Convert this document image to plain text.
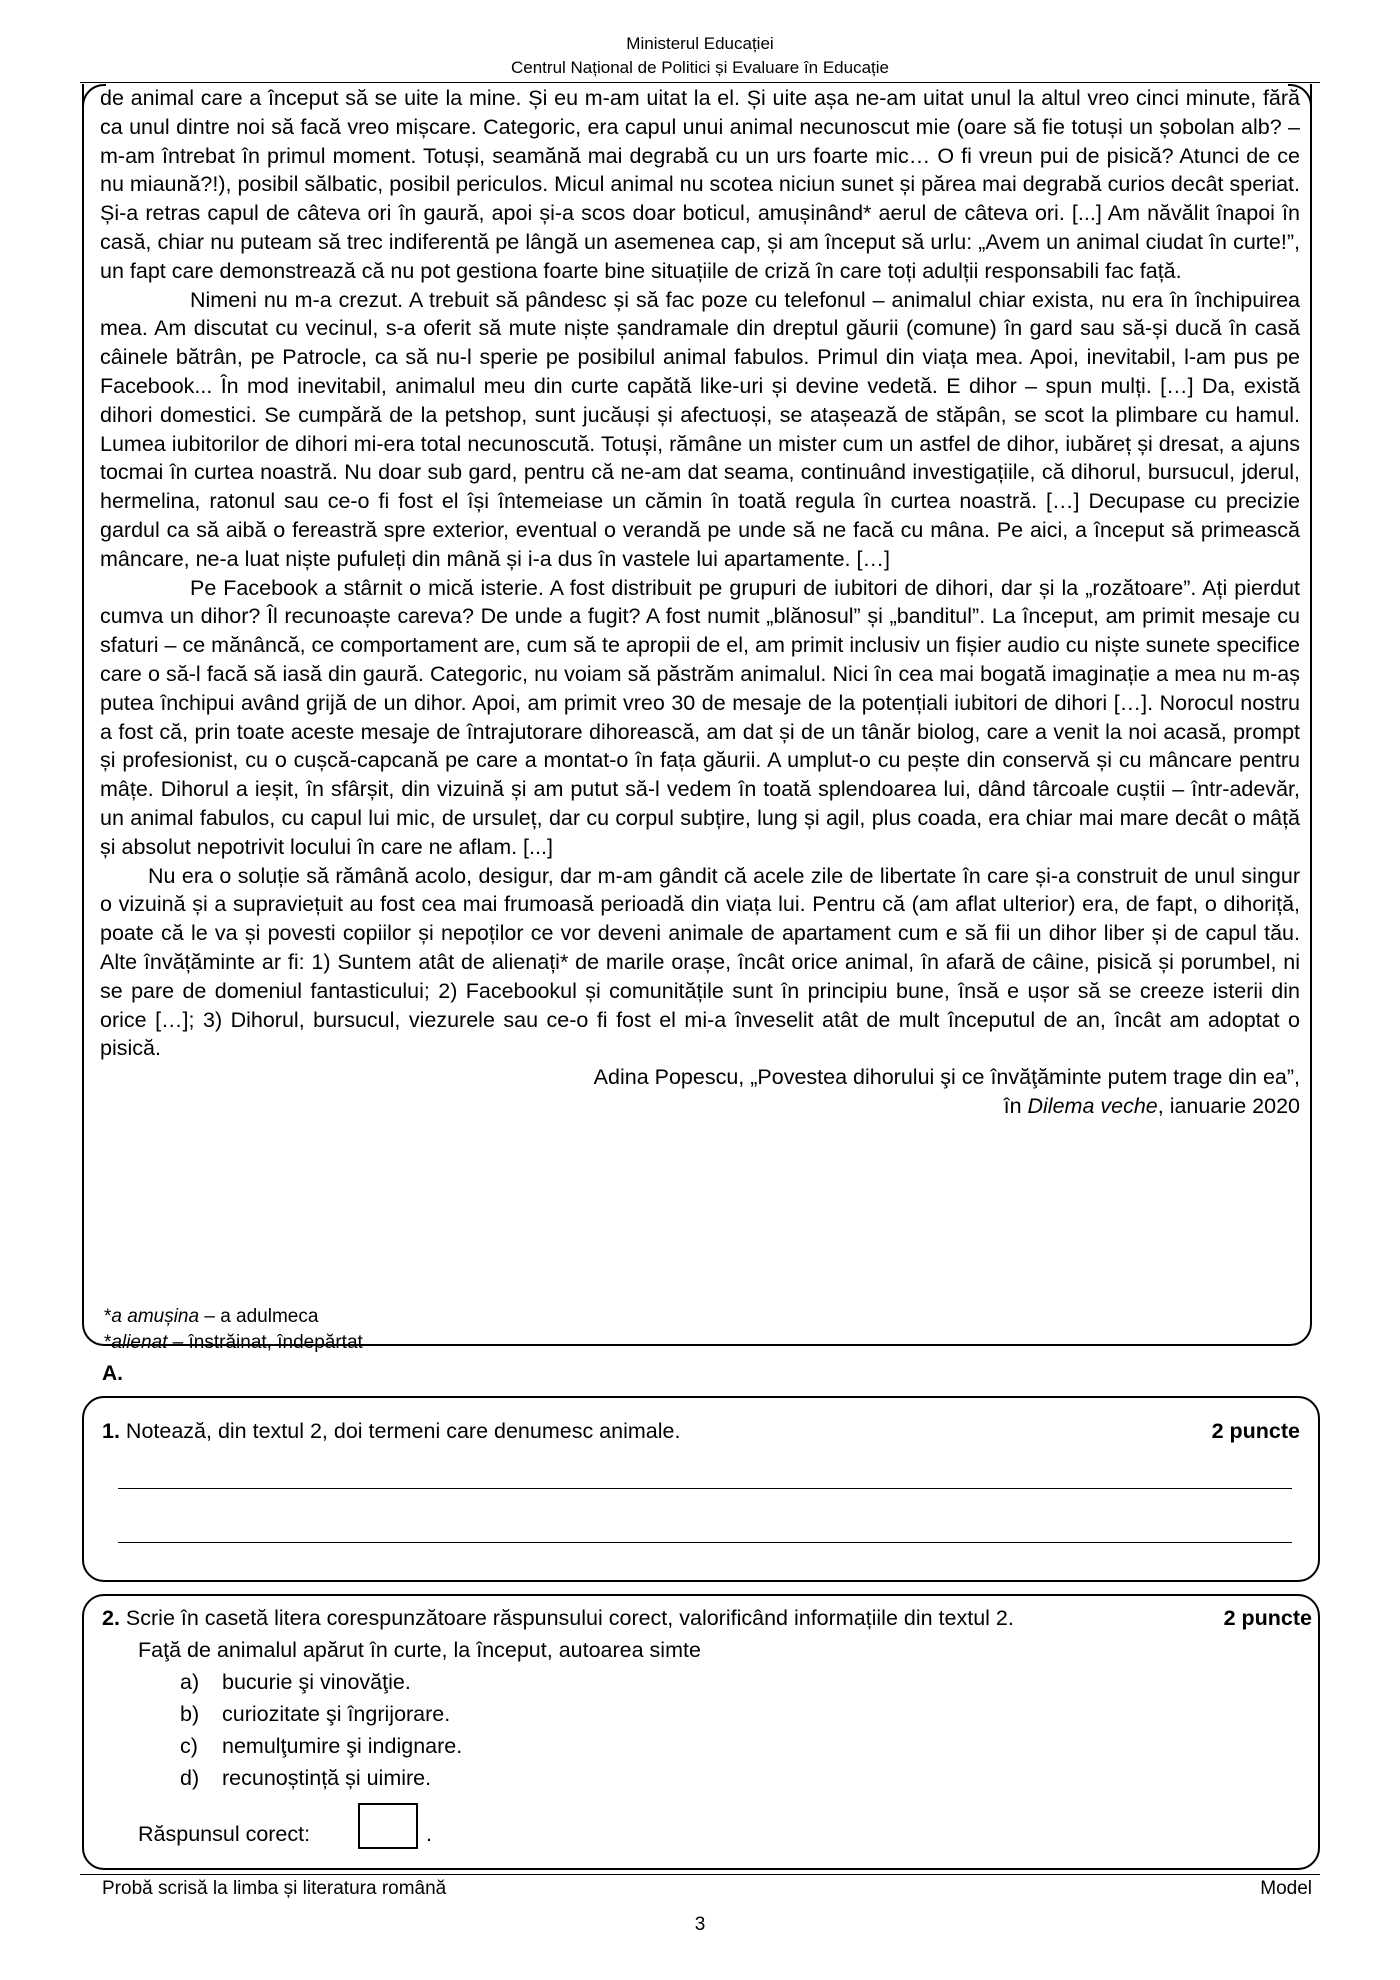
Ministerul Educației
Centrul Național de Politici și Evaluare în Educație

de animal care a început să se uite la mine. Și eu m-am uitat la el. Și uite așa ne-am uitat unul la altul vreo cinci minute, fără ca unul dintre noi să facă vreo mișcare. Categoric, era capul unui animal necunoscut mie (oare să fie totuși un șobolan alb? – m-am întrebat în primul moment. Totuși, seamănă mai degrabă cu un urs foarte mic… O fi vreun pui de pisică? Atunci de ce nu miaună?!), posibil sălbatic, posibil periculos. Micul animal nu scotea niciun sunet și părea mai degrabă curios decât speriat. Și-a retras capul de câteva ori în gaură, apoi și-a scos doar boticul, amușinând* aerul de câteva ori. [...] Am năvălit înapoi în casă, chiar nu puteam să trec indiferentă pe lângă un asemenea cap, și am început să urlu: „Avem un animal ciudat în curte!”, un fapt care demonstrează că nu pot gestiona foarte bine situațiile de criză în care toți adulții responsabili fac față.

Nimeni nu m-a crezut. A trebuit să pândesc și să fac poze cu telefonul – animalul chiar exista, nu era în închipuirea mea. Am discutat cu vecinul, s-a oferit să mute niște șandramale din dreptul găurii (comune) în gard sau să-și ducă în casă câinele bătrân, pe Patrocle, ca să nu-l sperie pe posibilul animal fabulos. Primul din viața mea. Apoi, inevitabil, l-am pus pe Facebook... În mod inevitabil, animalul meu din curte capătă like-uri și devine vedetă. E dihor – spun mulți. […] Da, există dihori domestici. Se cumpără de la petshop, sunt jucăuși și afectuoși, se atașează de stăpân, se scot la plimbare cu hamul. Lumea iubitorilor de dihori mi-era total necunoscută. Totuși, rămâne un mister cum un astfel de dihor, iubăreț și dresat, a ajuns tocmai în curtea noastră. Nu doar sub gard, pentru că ne-am dat seama, continuând investigațiile, că dihorul, bursucul, jderul, hermelina, ratonul sau ce-o fi fost el își întemeiase un cămin în toată regula în curtea noastră. […] Decupase cu precizie gardul ca să aibă o fereastră spre exterior, eventual o verandă pe unde să ne facă cu mâna. Pe aici, a început să primească mâncare, ne-a luat niște pufuleți din mână și i-a dus în vastele lui apartamente. […]

Pe Facebook a stârnit o mică isterie. A fost distribuit pe grupuri de iubitori de dihori, dar și la „rozătoare”. Ați pierdut cumva un dihor? Îl recunoaște careva? De unde a fugit? A fost numit „blănosul” și „banditul”. La început, am primit mesaje cu sfaturi – ce mănâncă, ce comportament are, cum să te apropii de el, am primit inclusiv un fișier audio cu niște sunete specifice care o să-l facă să iasă din gaură. Categoric, nu voiam să păstrăm animalul. Nici în cea mai bogată imaginație a mea nu m-aș putea închipui având grijă de un dihor. Apoi, am primit vreo 30 de mesaje de la potențiali iubitori de dihori […]. Norocul nostru a fost că, prin toate aceste mesaje de întrajutorare dihorească, am dat și de un tânăr biolog, care a venit la noi acasă, prompt și profesionist, cu o cușcă-capcană pe care a montat-o în fața găurii. A umplut-o cu pește din conservă și cu mâncare pentru mâțe. Dihorul a ieșit, în sfârșit, din vizuină și am putut să-l vedem în toată splendoarea lui, dând târcoale cuștii – într-adevăr, un animal fabulos, cu capul lui mic, de ursuleț, dar cu corpul subțire, lung și agil, plus coada, era chiar mai mare decât o mâță și absolut nepotrivit locului în care ne aflam. [...]

Nu era o soluție să rămână acolo, desigur, dar m-am gândit că acele zile de libertate în care și-a construit de unul singur o vizuină și a supraviețuit au fost cea mai frumoasă perioadă din viața lui. Pentru că (am aflat ulterior) era, de fapt, o dihoriță, poate că le va și povesti copiilor și nepoților ce vor deveni animale de apartament cum e să fii un dihor liber și de capul tău. Alte învățăminte ar fi: 1) Suntem atât de alienați* de marile orașe, încât orice animal, în afară de câine, pisică și porumbel, ni se pare de domeniul fantasticului; 2) Facebookul și comunitățile sunt în principiu bune, însă e ușor să se creeze isterii din orice […]; 3) Dihorul, bursucul, viezurele sau ce-o fi fost el mi-a înveselit atât de mult începutul de an, încât am adoptat o pisică.

Adina Popescu, „Povestea dihorului şi ce învăţăminte putem trage din ea”,
în Dilema veche, ianuarie 2020
*a amușina – a adulmeca
*alienat – înstrăinat, îndepărtat
A.
1. Notează, din textul 2, doi termeni care denumesc animale.	2 puncte
2. Scrie în casetă litera corespunzătoare răspunsului corect, valorificând informațiile din textul 2.	2 puncte
Faţă de animalul apărut în curte, la început, autoarea simte
a) bucurie şi vinovăţie.
b) curiozitate şi îngrijorare.
c) nemulţumire şi indignare.
d) recunoștință și uimire.
Răspunsul corect:	.
Probă scrisă la limba și literatura română	Model
3
